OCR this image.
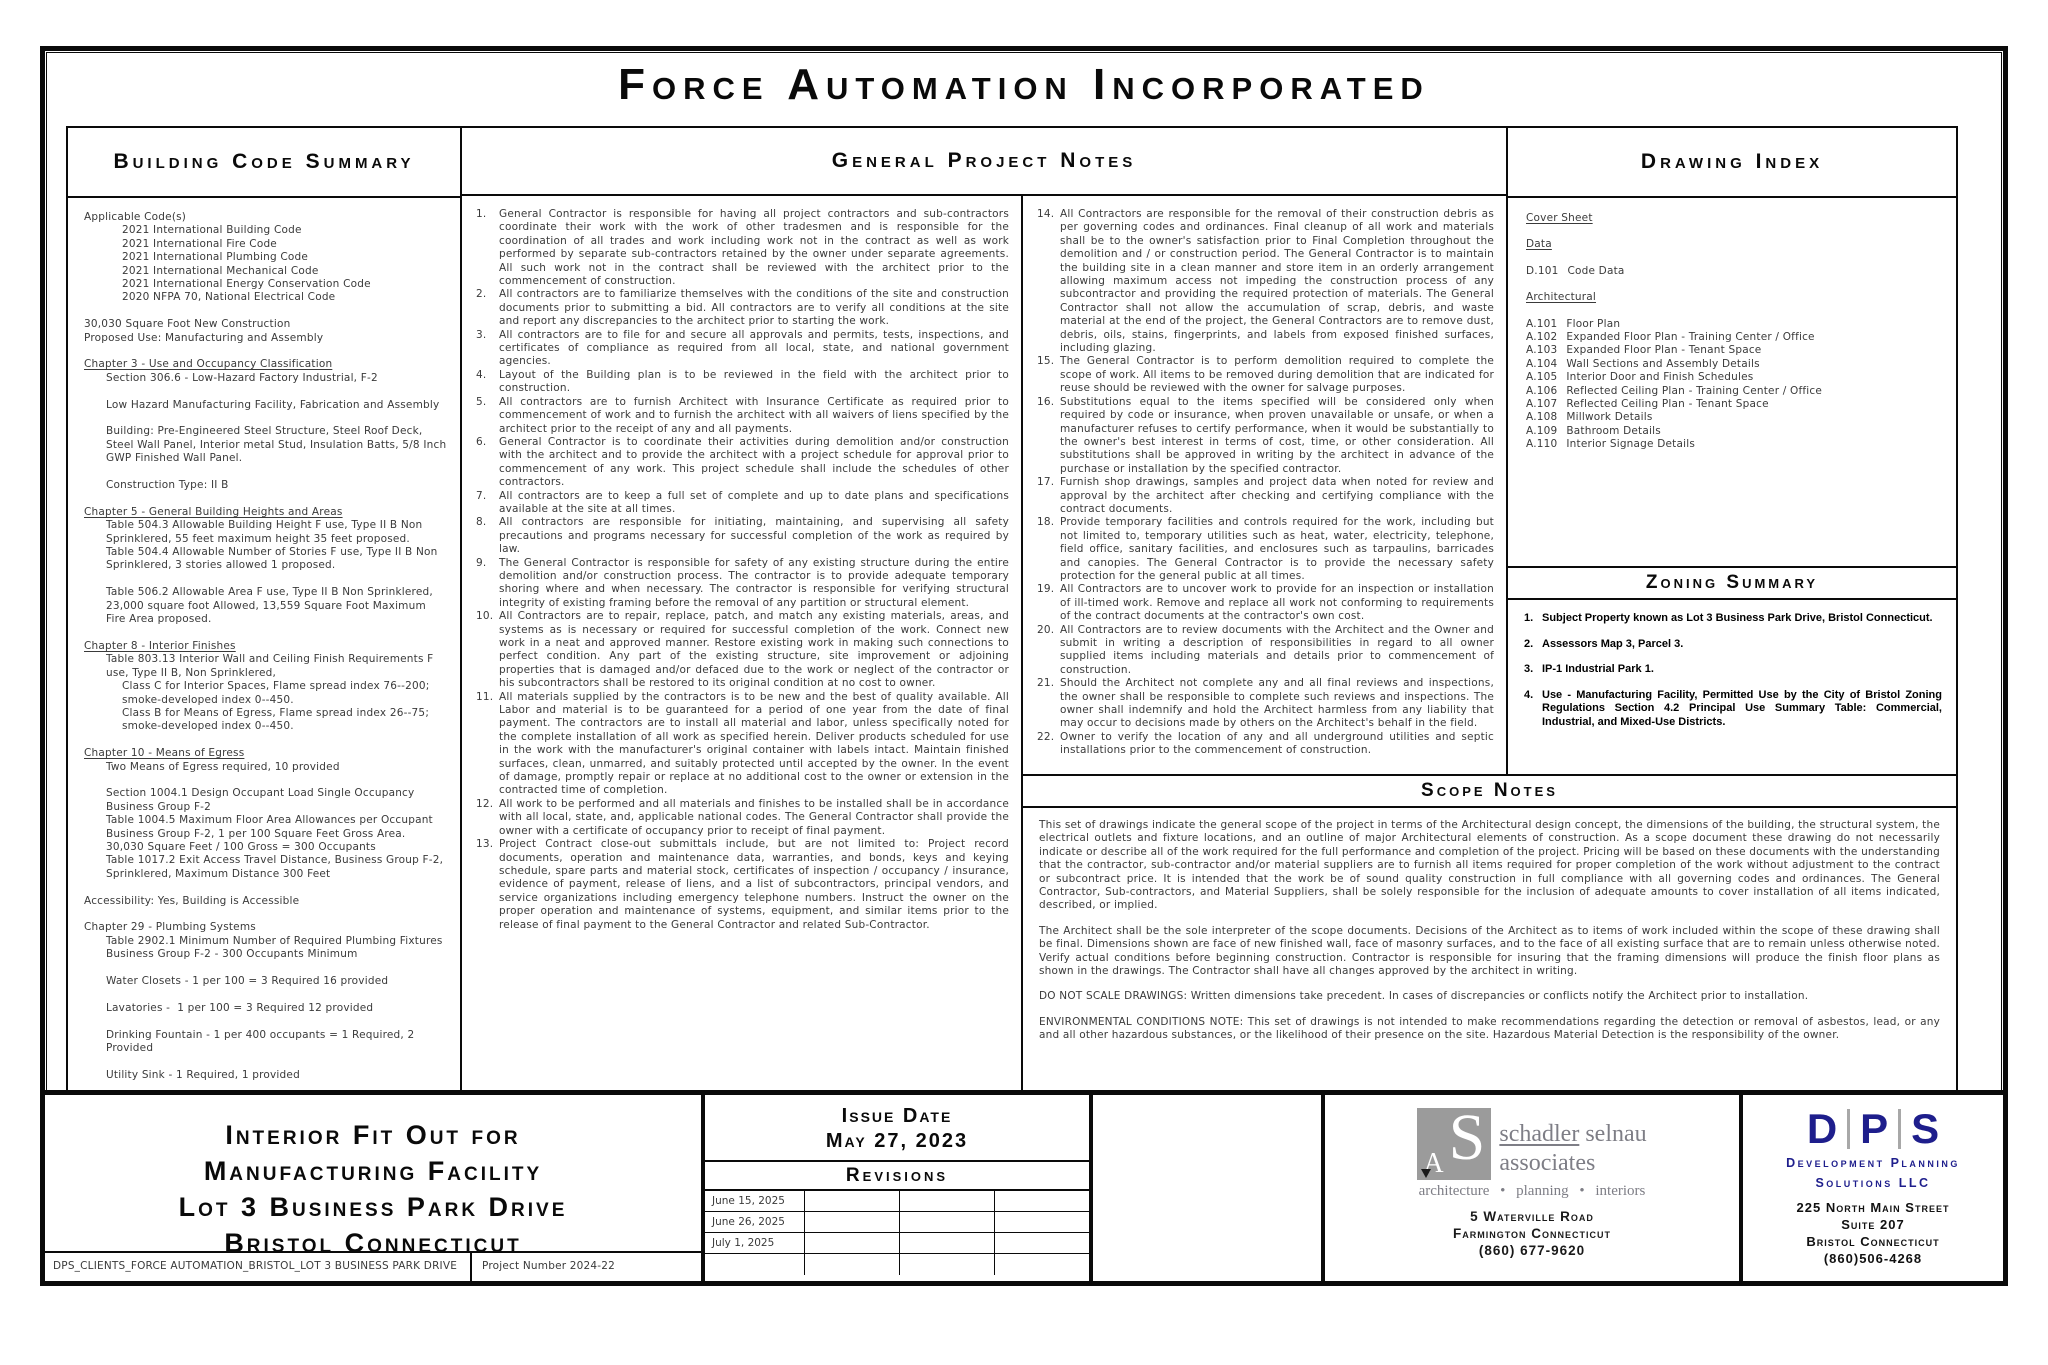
Force Automation Incorporated
Building Code Summary
Applicable Code(s)
2021 International Building Code
2021 International Fire Code
2021 International Plumbing Code
2021 International Mechanical Code
2021 International Energy Conservation Code
2020 NFPA 70, National Electrical Code
30,030 Square Foot New Construction
Proposed Use: Manufacturing and Assembly
Chapter 3 - Use and Occupancy Classification
Section 306.6 - Low-Hazard Factory Industrial, F-2
Low Hazard Manufacturing Facility, Fabrication and Assembly
Building: Pre-Engineered Steel Structure, Steel Roof Deck, Steel Wall Panel, Interior metal Stud, Insulation Batts, 5/8 Inch GWP Finished Wall Panel.
Construction Type: II B
Chapter 5 - General Building Heights and Areas
Table 504.3 Allowable Building Height F use, Type II B Non Sprinklered, 55 feet maximum height 35 feet proposed.
Table 504.4 Allowable Number of Stories F use, Type II B Non Sprinklered, 3 stories allowed 1 proposed.
Table 506.2 Allowable Area F use, Type II B Non Sprinklered, 23,000 square foot Allowed, 13,559 Square Foot Maximum Fire Area proposed.
Chapter 8 - Interior Finishes
Table 803.13 Interior Wall and Ceiling Finish Requirements F use, Type II B, Non Sprinklered,
Class C for Interior Spaces, Flame spread index 76--200; smoke-developed index 0--450.
Class B for Means of Egress, Flame spread index 26--75; smoke-developed index 0--450.
Chapter 10 - Means of Egress
Two Means of Egress required, 10 provided
Section 1004.1 Design Occupant Load Single Occupancy Business Group F-2
Table 1004.5 Maximum Floor Area Allowances per Occupant Business Group F-2, 1 per 100 Square Feet Gross Area.
30,030 Square Feet / 100 Gross = 300 Occupants
Table 1017.2 Exit Access Travel Distance, Business Group F-2, Sprinklered, Maximum Distance 300 Feet
Accessibility: Yes, Building is Accessible
Chapter 29 - Plumbing Systems
Table 2902.1 Minimum Number of Required Plumbing Fixtures
Business Group F-2 - 300 Occupants Minimum
Water Closets - 1 per 100 = 3 Required 16 provided
Lavatories -  1 per 100 = 3 Required 12 provided
Drinking Fountain - 1 per 400 occupants = 1 Required, 2 Provided
Utility Sink - 1 Required, 1 provided
General Project Notes
General Contractor is responsible for having all project contractors and sub-contractors coordinate their work with the work of other tradesmen and is responsible for the coordination of all trades and work including work not in the contract as well as work performed by separate sub-contractors retained by the owner under separate agreements. All such work not in the contract shall be reviewed with the architect prior to the commencement of construction.
All contractors are to familiarize themselves with the conditions of the site and construction documents prior to submitting a bid. All contractors are to verify all conditions at the site and report any discrepancies to the architect prior to starting the work.
All contractors are to file for and secure all approvals and permits, tests, inspections, and certificates of compliance as required from all local, state, and national government agencies.
Layout of the Building plan is to be reviewed in the field with the architect prior to construction.
All contractors are to furnish Architect with Insurance Certificate as required prior to commencement of work and to furnish the architect with all waivers of liens specified by the architect prior to the receipt of any and all payments.
General Contractor is to coordinate their activities during demolition and/or construction with the architect and to provide the architect with a project schedule for approval prior to commencement of any work. This project schedule shall include the schedules of other contractors.
All contractors are to keep a full set of complete and up to date plans and specifications available at the site at all times.
All contractors are responsible for initiating, maintaining, and supervising all safety precautions and programs necessary for successful completion of the work as required by law.
The General Contractor is responsible for safety of any existing structure during the entire demolition and/or construction process. The contractor is to provide adequate temporary shoring where and when necessary. The contractor is responsible for verifying structural integrity of existing framing before the removal of any partition or structural element.
All Contractors are to repair, replace, patch, and match any existing materials, areas, and systems as is necessary or required for successful completion of the work. Connect new work in a neat and approved manner. Restore existing work in making such connections to perfect condition. Any part of the existing structure, site improvement or adjoining properties that is damaged and/or defaced due to the work or neglect of the contractor or his subcontractors shall be restored to its original condition at no cost to owner.
All materials supplied by the contractors is to be new and the best of quality available. All Labor and material is to be guaranteed for a period of one year from the date of final payment. The contractors are to install all material and labor, unless specifically noted for the complete installation of all work as specified herein. Deliver products scheduled for use in the work with the manufacturer's original container with labels intact. Maintain finished surfaces, clean, unmarred, and suitably protected until accepted by the owner. In the event of damage, promptly repair or replace at no additional cost to the owner or extension in the contracted time of completion.
All work to be performed and all materials and finishes to be installed shall be in accordance with all local, state, and, applicable national codes. The General Contractor shall provide the owner with a certificate of occupancy prior to receipt of final payment.
Project Contract close-out submittals include, but are not limited to: Project record documents, operation and maintenance data, warranties, and bonds, keys and keying schedule, spare parts and material stock, certificates of inspection / occupancy / insurance, evidence of payment, release of liens, and a list of subcontractors, principal vendors, and service organizations including emergency telephone numbers. Instruct the owner on the proper operation and maintenance of systems, equipment, and similar items prior to the release of final payment to the General Contractor and related Sub-Contractor.
All Contractors are responsible for the removal of their construction debris as per governing codes and ordinances. Final cleanup of all work and materials shall be to the owner's satisfaction prior to Final Completion throughout the demolition and / or construction period. The General Contractor is to maintain the building site in a clean manner and store item in an orderly arrangement allowing maximum access not impeding the construction process of any subcontractor and providing the required protection of materials. The General Contractor shall not allow the accumulation of scrap, debris, and waste material at the end of the project, the General Contractors are to remove dust, debris, oils, stains, fingerprints, and labels from exposed finished surfaces, including glazing.
The General Contractor is to perform demolition required to complete the scope of work. All items to be removed during demolition that are indicated for reuse should be reviewed with the owner for salvage purposes.
Substitutions equal to the items specified will be considered only when required by code or insurance, when proven unavailable or unsafe, or when a manufacturer refuses to certify performance, when it would be substantially to the owner's best interest in terms of cost, time, or other consideration. All substitutions shall be approved in writing by the architect in advance of the purchase or installation by the specified contractor.
Furnish shop drawings, samples and project data when noted for review and approval by the architect after checking and certifying compliance with the contract documents.
Provide temporary facilities and controls required for the work, including but not limited to, temporary utilities such as heat, water, electricity, telephone, field office, sanitary facilities, and enclosures such as tarpaulins, barricades and canopies. The General Contractor is to provide the necessary safety protection for the general public at all times.
All Contractors are to uncover work to provide for an inspection or installation of ill-timed work. Remove and replace all work not conforming to requirements of the contract documents at the contractor's own cost.
All Contractors are to review documents with the Architect and the Owner and submit in writing a description of responsibilities in regard to all owner supplied items including materials and details prior to commencement of construction.
Should the Architect not complete any and all final reviews and inspections, the owner shall be responsible to complete such reviews and inspections. The owner shall indemnify and hold the Architect harmless from any liability that may occur to decisions made by others on the Architect's behalf in the field.
Owner to verify the location of any and all underground utilities and septic installations prior to the commencement of construction.
Drawing Index
Cover Sheet
Data
D.101 Code Data
Architectural
A.101 Floor Plan
A.102 Expanded Floor Plan - Training Center / Office
A.103 Expanded Floor Plan - Tenant Space
A.104 Wall Sections and Assembly Details
A.105 Interior Door and Finish Schedules
A.106 Reflected Ceiling Plan - Training Center / Office
A.107 Reflected Ceiling Plan - Tenant Space
A.108 Millwork Details
A.109 Bathroom Details
A.110 Interior Signage Details
Zoning Summary
Subject Property known as Lot 3 Business Park Drive, Bristol Connecticut.
Assessors Map 3, Parcel 3.
IP-1 Industrial Park 1.
Use - Manufacturing Facility, Permitted Use by the City of Bristol Zoning Regulations Section 4.2 Principal Use Summary Table: Commercial, Industrial, and Mixed-Use Districts.
Scope Notes

This set of drawings indicate the general scope of the project in terms of the Architectural design concept, the dimensions of the building, the structural system, the electrical outlets and fixture locations, and an outline of major Architectural elements of construction. As a scope document these drawing do not necessarily indicate or describe all of the work required for the full performance and completion of the project. Pricing will be based on these documents with the understanding that the contractor, sub-contractor and/or material suppliers are to furnish all items required for proper completion of the work without adjustment to the contract or subcontract price. It is intended that the work be of sound quality construction in full compliance with all governing codes and ordinances. The General Contractor, Sub-contractors, and Material Suppliers, shall be solely responsible for the inclusion of adequate amounts to cover installation of all items indicated, described, or implied.

The Architect shall be the sole interpreter of the scope documents. Decisions of the Architect as to items of work included within the scope of these drawing shall be final. Dimensions shown are face of new finished wall, face of masonry surfaces, and to the face of all existing surface that are to remain unless otherwise noted. Verify actual conditions before beginning construction. Contractor is responsible for insuring that the framing dimensions will produce the finish floor plans as shown in the drawings. The Contractor shall have all changes approved by the architect in writing.

DO NOT SCALE DRAWINGS: Written dimensions take precedent. In cases of discrepancies or conflicts notify the Architect prior to installation.

ENVIRONMENTAL CONDITIONS NOTE: This set of drawings is not intended to make recommendations regarding the detection or removal of asbestos, lead, or any and all other hazardous substances, or the likelihood of their presence on the site. Hazardous Material Detection is the responsibility of the owner.

Interior Fit Out for
Manufacturing Facility
Lot 3 Business Park Drive
Bristol Connecticut
DPS_CLIENTS_FORCE AUTOMATION_BRISTOL_LOT 3 BUSINESS PARK DRIVE	Project Number 2024-22
Issue Date
May 27, 2023
Revisions
June 15, 2025
June 26, 2025
July 1, 2025
S
A
schadler selnau
associates
architecture • planning • interiors
5 Waterville Road
Farmington Connecticut
(860) 677-9620
D P S
Development Planning
Solutions LLC
225 North Main Street
Suite 207
Bristol Connecticut
(860)506-4268
